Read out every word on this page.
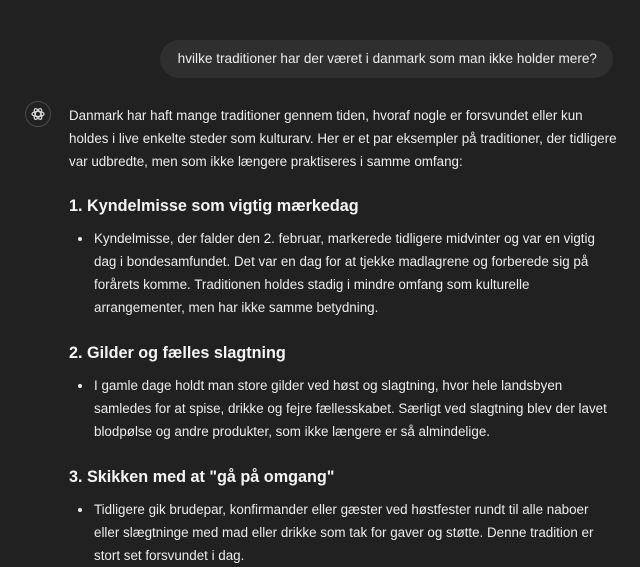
hvilke traditioner har der været i danmark som man ikke holder mere?

Danmark har haft mange traditioner gennem tiden, hvoraf nogle er forsvundet eller kun holdes i live enkelte steder som kulturarv. Her er et par eksempler på traditioner, der tidligere var udbredte, men som ikke længere praktiseres i samme omfang:

1. Kyndelmisse som vigtig mærkedag
Kyndelmisse, der falder den 2. februar, markerede tidligere midvinter og var en vigtig dag i bondesamfundet. Det var en dag for at tjekke madlagrene og forberede sig på forårets komme. Traditionen holdes stadig i mindre omfang som kulturelle arrangementer, men har ikke samme betydning.
2. Gilder og fælles slagtning
I gamle dage holdt man store gilder ved høst og slagtning, hvor hele landsbyen samledes for at spise, drikke og fejre fællesskabet. Særligt ved slagtning blev der lavet blodpølse og andre produkter, som ikke længere er så almindelige.
3. Skikken med at "gå på omgang"
Tidligere gik brudepar, konfirmander eller gæster ved høstfester rundt til alle naboer eller slægtninge med mad eller drikke som tak for gaver og støtte. Denne tradition er stort set forsvundet i dag.
